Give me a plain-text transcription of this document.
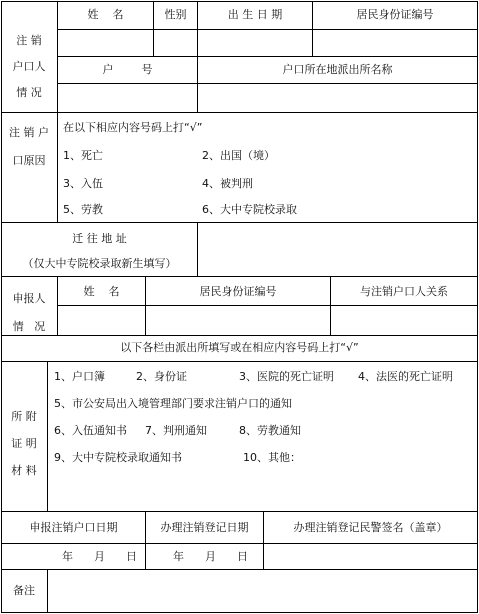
注 销
户口人
情 况
姓    名	性别	出 生 日 期	居民身份证编号
户        号	户口所在地派出所名称
注 销 户
口原因
在以下相应内容号码上打“√”
1、死亡	2、出国（境）
3、入伍	4、被判刑
5、劳教	6、大中专院校录取
迁 往 地 址
（仅大中专院校录取新生填写）
申报人
情   况
姓    名	居民身份证编号	与注销户口人关系
以下各栏由派出所填写或在相应内容号码上打“√”
所 附
证 明
材 料
1、户口簿	2、身份证	3、医院的死亡证明 4、法医的死亡证明
5、市公安局出入境管理部门要求注销户口的通知
6、入伍通知书 7、判刑通知	8、劳教通知
9、大中专院校录取通知书	10、其他：
申报注销户口日期	办理注销登记日期	办理注销登记民警签名（盖章）
年      月      日	年      月      日
备注
